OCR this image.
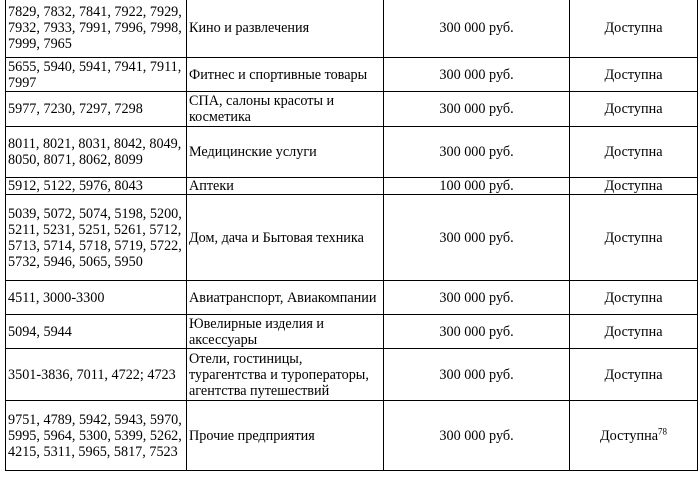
7829, 7832, 7841, 7922, 7929, 7932, 7933, 7991, 7996, 7998, 7999, 7965	Кино и развлечения	300 000 руб.	Доступна
5655, 5940, 5941, 7941, 7911, 7997	Фитнес и спортивные товары	300 000 руб.	Доступна
5977, 7230, 7297, 7298	СПА, салоны красоты и косметика	300 000 руб.	Доступна
8011, 8021, 8031, 8042, 8049, 8050, 8071, 8062, 8099	Медицинские услуги	300 000 руб.	Доступна
5912, 5122, 5976, 8043	Аптеки	100 000 руб.	Доступна
5039, 5072, 5074, 5198, 5200, 5211, 5231, 5251, 5261, 5712, 5713, 5714, 5718, 5719, 5722, 5732, 5946, 5065, 5950	Дом, дача и Бытовая техника	300 000 руб.	Доступна
4511, 3000-3300	Авиатранспорт, Авиакомпании	300 000 руб.	Доступна
5094, 5944	Ювелирные изделия и аксессуары	300 000 руб.	Доступна
3501-3836, 7011, 4722; 4723	Отели, гостиницы, турагентства и туроператоры, агентства путешествий	300 000 руб.	Доступна
9751, 4789, 5942, 5943, 5970, 5995, 5964, 5300, 5399, 5262, 4215, 5311, 5965, 5817, 7523	Прочие предприятия	300 000 руб.	Доступна$^{78}$
